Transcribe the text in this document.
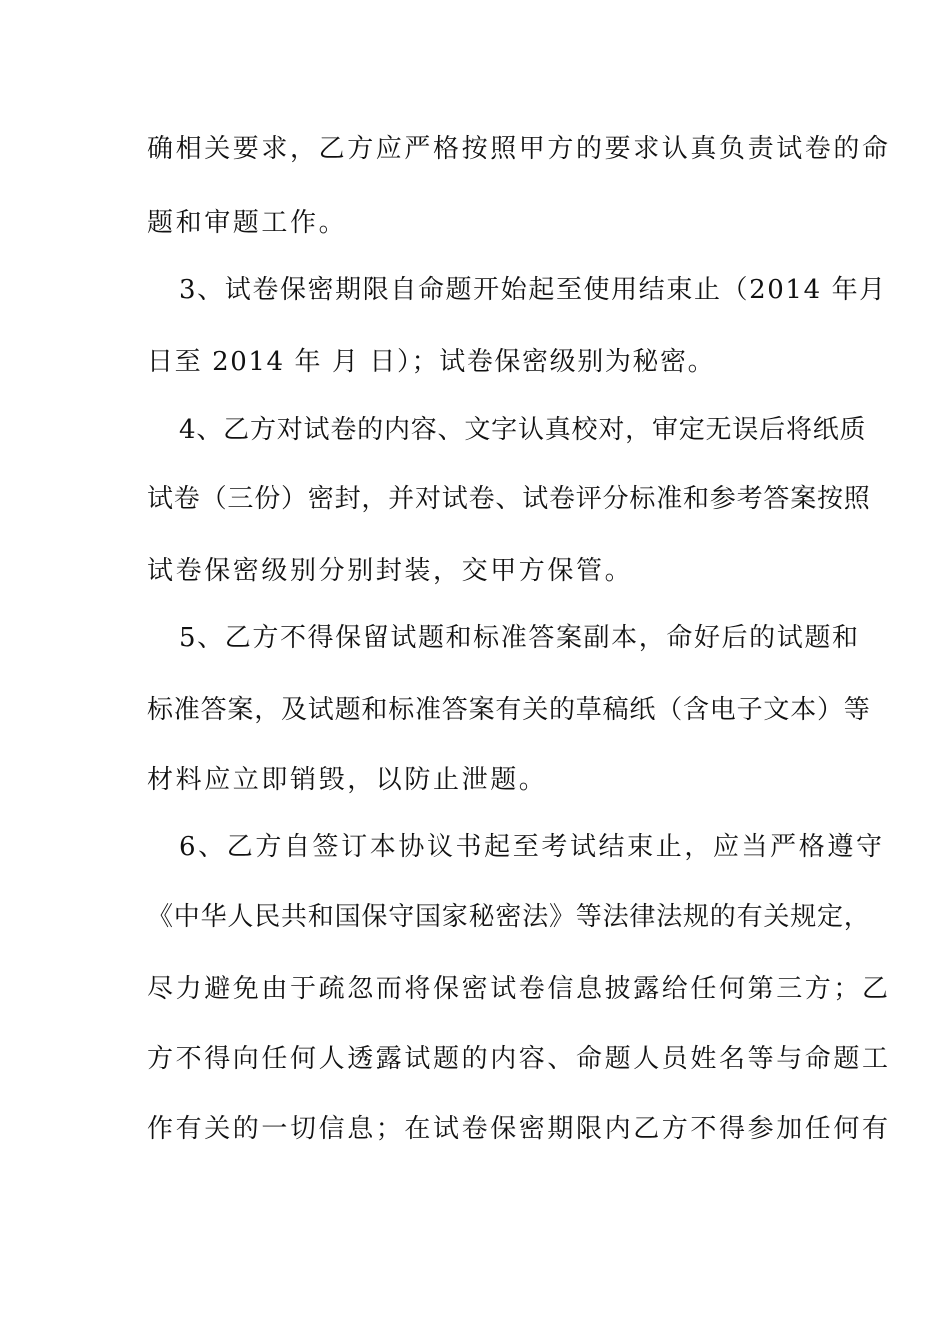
确相关要求，乙方应严格按照甲方的要求认真负责试卷的命
题和审题工作。
3、试卷保密期限自命题开始起至使用结束止（2014 年月
日至 2014 年 月 日）；试卷保密级别为秘密。
4、乙方对试卷的内容、文字认真校对，审定无误后将纸质
试卷（三份）密封，并对试卷、试卷评分标准和参考答案按照
试卷保密级别分别封装，交甲方保管。
5、乙方不得保留试题和标准答案副本，命好后的试题和
标准答案，及试题和标准答案有关的草稿纸（含电子文本）等
材料应立即销毁，以防止泄题。
6、乙方自签订本协议书起至考试结束止，应当严格遵守
《中华人民共和国保守国家秘密法》等法律法规的有关规定，
尽力避免由于疏忽而将保密试卷信息披露给任何第三方；乙
方不得向任何人透露试题的内容、命题人员姓名等与命题工
作有关的一切信息；在试卷保密期限内乙方不得参加任何有
